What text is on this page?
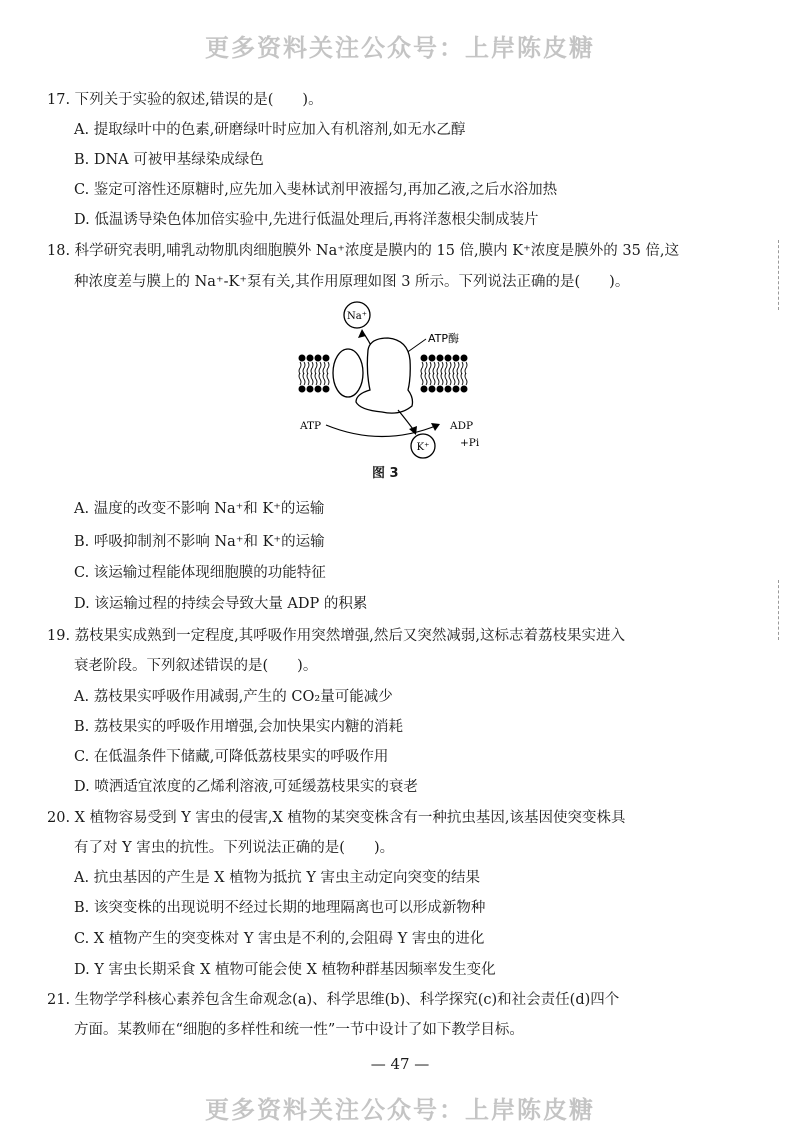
更多资料关注公众号：上岸陈皮糖
17. 下列关于实验的叙述,错误的是(　　)。
A. 提取绿叶中的色素,研磨绿叶时应加入有机溶剂,如无水乙醇
B. DNA 可被甲基绿染成绿色
C. 鉴定可溶性还原糖时,应先加入斐林试剂甲液摇匀,再加乙液,之后水浴加热
D. 低温诱导染色体加倍实验中,先进行低温处理后,再将洋葱根尖制成装片
18. 科学研究表明,哺乳动物肌肉细胞膜外 Na⁺浓度是膜内的 15 倍,膜内 K⁺浓度是膜外的 35 倍,这
种浓度差与膜上的 Na⁺-K⁺泵有关,其作用原理如图 3 所示。下列说法正确的是(　　)。
Na⁺
ATP酶
ATP	ADP
+Pi
K⁺
图 3
A. 温度的改变不影响 Na⁺和 K⁺的运输
B. 呼吸抑制剂不影响 Na⁺和 K⁺的运输
C. 该运输过程能体现细胞膜的功能特征
D. 该运输过程的持续会导致大量 ADP 的积累
19. 荔枝果实成熟到一定程度,其呼吸作用突然增强,然后又突然减弱,这标志着荔枝果实进入
衰老阶段。下列叙述错误的是(　　)。
A. 荔枝果实呼吸作用减弱,产生的 CO₂量可能减少
B. 荔枝果实的呼吸作用增强,会加快果实内糖的消耗
C. 在低温条件下储藏,可降低荔枝果实的呼吸作用
D. 喷洒适宜浓度的乙烯利溶液,可延缓荔枝果实的衰老
20. X 植物容易受到 Y 害虫的侵害,X 植物的某突变株含有一种抗虫基因,该基因使突变株具
有了对 Y 害虫的抗性。下列说法正确的是(　　)。
A. 抗虫基因的产生是 X 植物为抵抗 Y 害虫主动定向突变的结果
B. 该突变株的出现说明不经过长期的地理隔离也可以形成新物种
C. X 植物产生的突变株对 Y 害虫是不利的,会阻碍 Y 害虫的进化
D. Y 害虫长期采食 X 植物可能会使 X 植物种群基因频率发生变化
21. 生物学学科核心素养包含生命观念(a)、科学思维(b)、科学探究(c)和社会责任(d)四个
方面。某教师在“细胞的多样性和统一性”一节中设计了如下教学目标。
— 47 —
更多资料关注公众号：上岸陈皮糖
